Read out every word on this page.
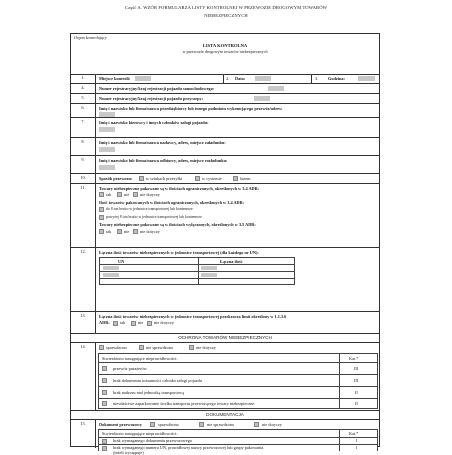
Część A. WZÓR FORMULARZA LISTY KONTROLNEJ W PRZEWOZIE DROGOWYM TOWARÓW
NIEBEZPIECZNYCH
Organ kontrolujący
LISTA KONTROLNA
w przewozie drogowym towarów niebezpiecznych
1.	Miejsce kontroli:	2. Data:	3. Godzina:
4.	Numer rejestracyjny/kraj rejestracji pojazdu samochodowego:
5.	Numer rejestracyjny/kraj rejestracji pojazdu przyczepy:
6.	Imię i nazwisko lub firma/nazwa przedsiębiorcy lub innego podmiotu wykonującego przewóz/adres:
7.	Imię i nazwisko kierowcy i innych członków załogi pojazdu:
8.	Imię i nazwisko lub firma/nazwa nadawcy, adres, miejsce załadunku:
9.	Imię i nazwisko lub firma/nazwa odbiorcy, adres, miejsce rozładunku:
10.	Sposób przewozu:	w sztukach przesyłki	w cysternie	luzem
11.	Towary niebezpieczne pakowane są w ilościach ograniczonych, określonych w 3.4 ADR:
tak	nie	nie dotyczy
Ilość towarów pakowanych w ilościach ograniczonych, określonych w 3.4 ADR:
do 8 ton brutto w jednostce transportowej lub kontenerze
powyżej 8 ton brutto w jednostce transportowej lub kontenerze
Towary niebezpieczne pakowane są w ilościach wyłączonych, określonych w 3.5 ADR:
tak	nie	nie dotyczy
12.	Łączna ilość towarów niebezpiecznych w jednostce transportowej (dla każdego nr UN):
UN	Łączna ilość
13.	Łączna ilość towarów niebezpiecznych w jednostce transportowej przekracza limit określony w 1.1.3.6
ADR: tak	nie	nie dotyczy
OCHRONA TOWARÓW NIEBEZPIECZNYCH
14.	sprawdzono	nie sprawdzono	nie dotyczy
Stwierdzono następujące nieprawidłowości:	Kat.*
przewóz pasażerów	III
brak dokumentu tożsamości członka załogi pojazdu	III
brak nadzoru nad jednostką transportową	II
niewłaściwe zaparkowanie środka transportu przewożącego towary niebezpieczne	II
DOKUMENTACJA
15.	Dokument przewozowy	sprawdzono	nie sprawdzono	nie dotyczy
Stwierdzono następujące nieprawidłowości:	Kat.*
brak wymaganego dokumentu przewozowego	I
brak wymaganego numeru UN, prawidłowej nazwy przewozowej lub grupy pakowania
(jeżeli występuje)
I
